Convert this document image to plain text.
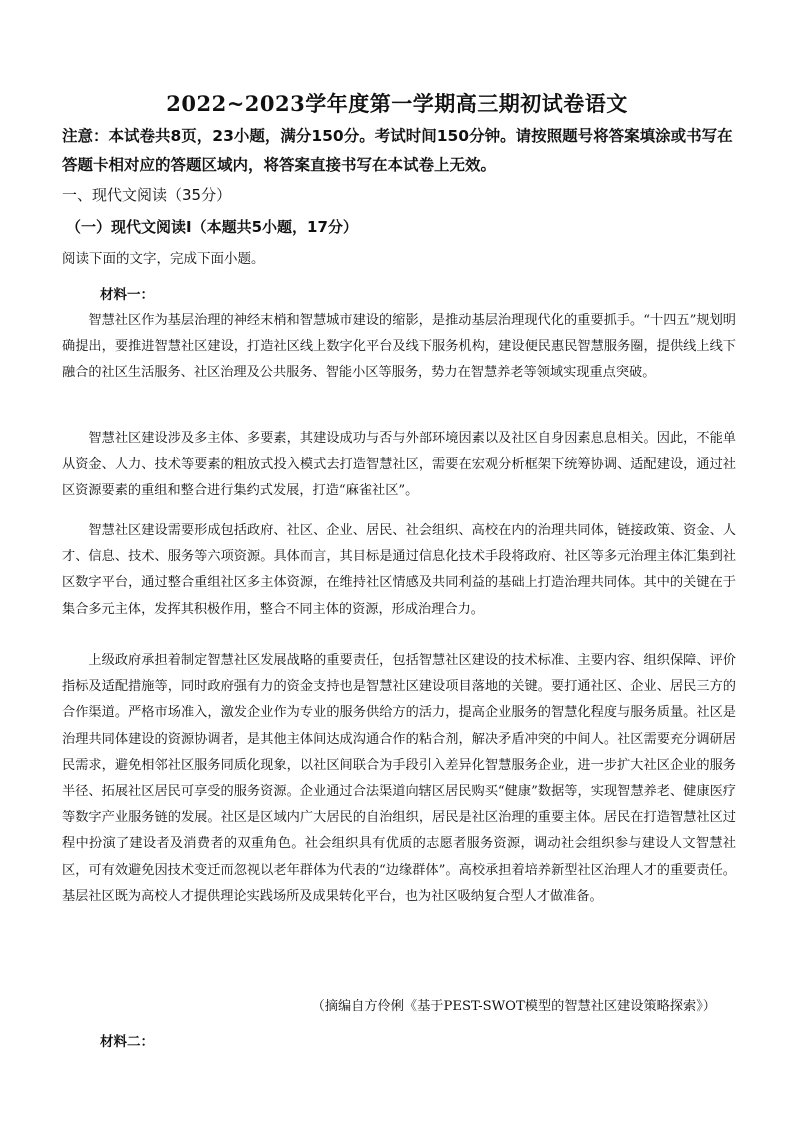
2022~2023学年度第一学期高三期初试卷语文

注意：本试卷共8页，23小题，满分150分。考试时间150分钟。请按照题号将答案填涂或书写在答题卡相对应的答题区域内，将答案直接书写在本试卷上无效。

一、现代文阅读（35分）

（一）现代文阅读Ⅰ（本题共5小题，17分）

阅读下面的文字，完成下面小题。

材料一：

智慧社区作为基层治理的神经末梢和智慧城市建设的缩影，是推动基层治理现代化的重要抓手。“十四五”规划明确提出，要推进智慧社区建设，打造社区线上数字化平台及线下服务机构，建设便民惠民智慧服务圈，提供线上线下融合的社区生活服务、社区治理及公共服务、智能小区等服务，势力在智慧养老等领域实现重点突破。

智慧社区建设涉及多主体、多要素，其建设成功与否与外部环境因素以及社区自身因素息息相关。因此，不能单从资金、人力、技术等要素的粗放式投入模式去打造智慧社区，需要在宏观分析框架下统筹协调、适配建设，通过社区资源要素的重组和整合进行集约式发展，打造“麻雀社区”。

智慧社区建设需要形成包括政府、社区、企业、居民、社会组织、高校在内的治理共同体，链接政策、资金、人才、信息、技术、服务等六项资源。具体而言，其目标是通过信息化技术手段将政府、社区等多元治理主体汇集到社区数字平台，通过整合重组社区多主体资源，在维持社区情感及共同利益的基础上打造治理共同体。其中的关键在于集合多元主体，发挥其积极作用，整合不同主体的资源，形成治理合力。

上级政府承担着制定智慧社区发展战略的重要责任，包括智慧社区建设的技术标准、主要内容、组织保障、评价指标及适配措施等，同时政府强有力的资金支持也是智慧社区建设项目落地的关键。要打通社区、企业、居民三方的合作渠道。严格市场准入，激发企业作为专业的服务供给方的活力，提高企业服务的智慧化程度与服务质量。社区是治理共同体建设的资源协调者，是其他主体间达成沟通合作的粘合剂，解决矛盾冲突的中间人。社区需要充分调研居民需求，避免相邻社区服务同质化现象，以社区间联合为手段引入差异化智慧服务企业，进一步扩大社区企业的服务半径、拓展社区居民可享受的服务资源。企业通过合法渠道向辖区居民购买“健康”数据等，实现智慧养老、健康医疗等数字产业服务链的发展。社区是区域内广大居民的自治组织，居民是社区治理的重要主体。居民在打造智慧社区过程中扮演了建设者及消费者的双重角色。社会组织具有优质的志愿者服务资源，调动社会组织参与建设人文智慧社区，可有效避免因技术变迁而忽视以老年群体为代表的“边缘群体”。高校承担着培养新型社区治理人才的重要责任。基层社区既为高校人才提供理论实践场所及成果转化平台，也为社区吸纳复合型人才做准备。

（摘编自方伶俐《基于PEST-SWOT模型的智慧社区建设策略探索》）

材料二：
